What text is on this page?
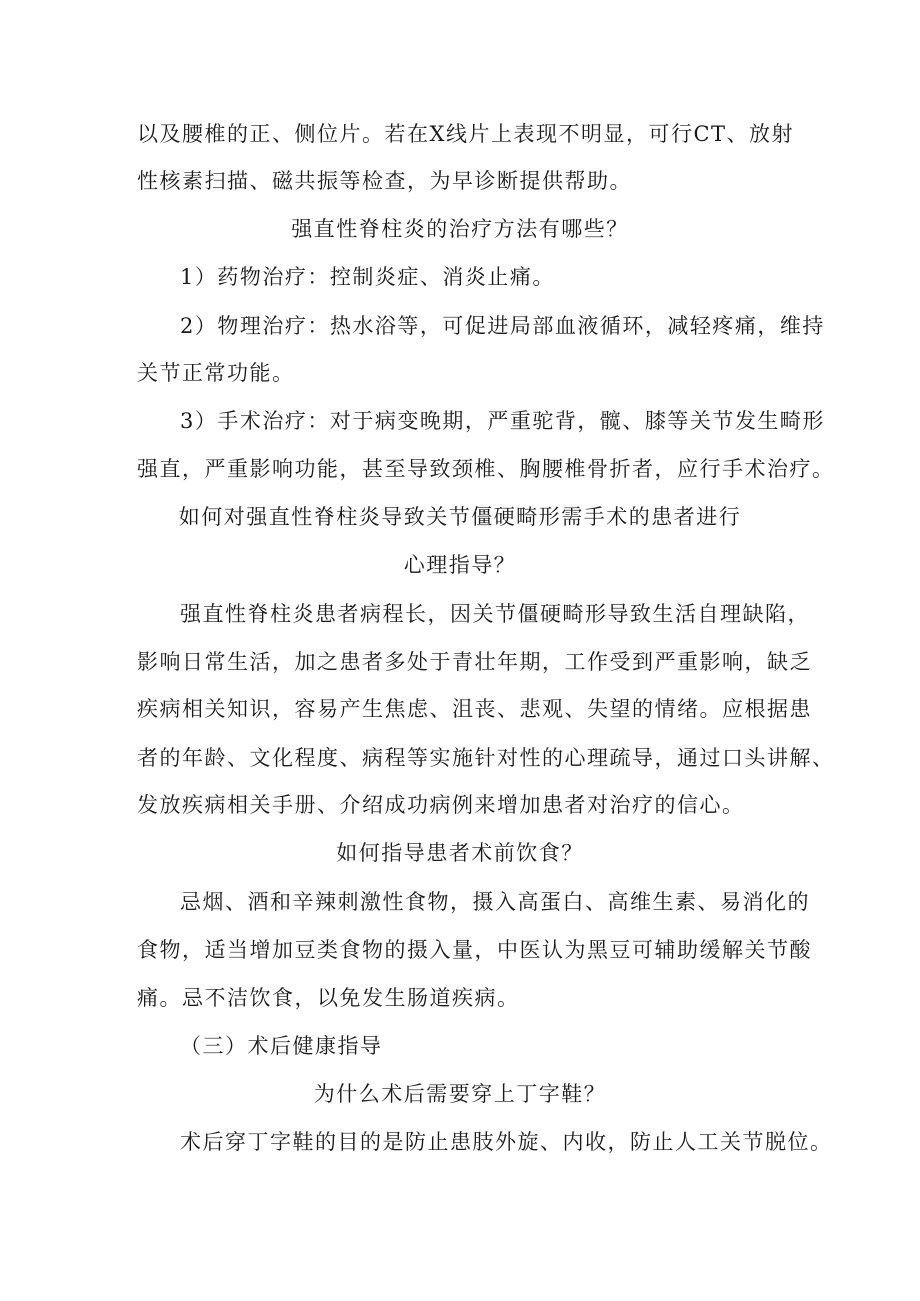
以及腰椎的正、侧位片。若在X线片上表现不明显，可行CT、放射
性核素扫描、磁共振等检查，为早诊断提供帮助。
强直性脊柱炎的治疗方法有哪些？
1）药物治疗：控制炎症、消炎止痛。
2）物理治疗：热水浴等，可促进局部血液循环，减轻疼痛，维持
关节正常功能。
3）手术治疗：对于病变晚期，严重驼背，髋、膝等关节发生畸形
强直，严重影响功能，甚至导致颈椎、胸腰椎骨折者，应行手术治疗。
如何对强直性脊柱炎导致关节僵硬畸形需手术的患者进行
心理指导？
强直性脊柱炎患者病程长，因关节僵硬畸形导致生活自理缺陷，
影响日常生活，加之患者多处于青壮年期，工作受到严重影响，缺乏
疾病相关知识，容易产生焦虑、沮丧、悲观、失望的情绪。应根据患
者的年龄、文化程度、病程等实施针对性的心理疏导，通过口头讲解、
发放疾病相关手册、介绍成功病例来增加患者对治疗的信心。
如何指导患者术前饮食？
忌烟、酒和辛辣刺激性食物，摄入高蛋白、高维生素、易消化的
食物，适当增加豆类食物的摄入量，中医认为黑豆可辅助缓解关节酸
痛。忌不洁饮食，以免发生肠道疾病。
（三）术后健康指导
为什么术后需要穿上丁字鞋？
术后穿丁字鞋的目的是防止患肢外旋、内收，防止人工关节脱位。
